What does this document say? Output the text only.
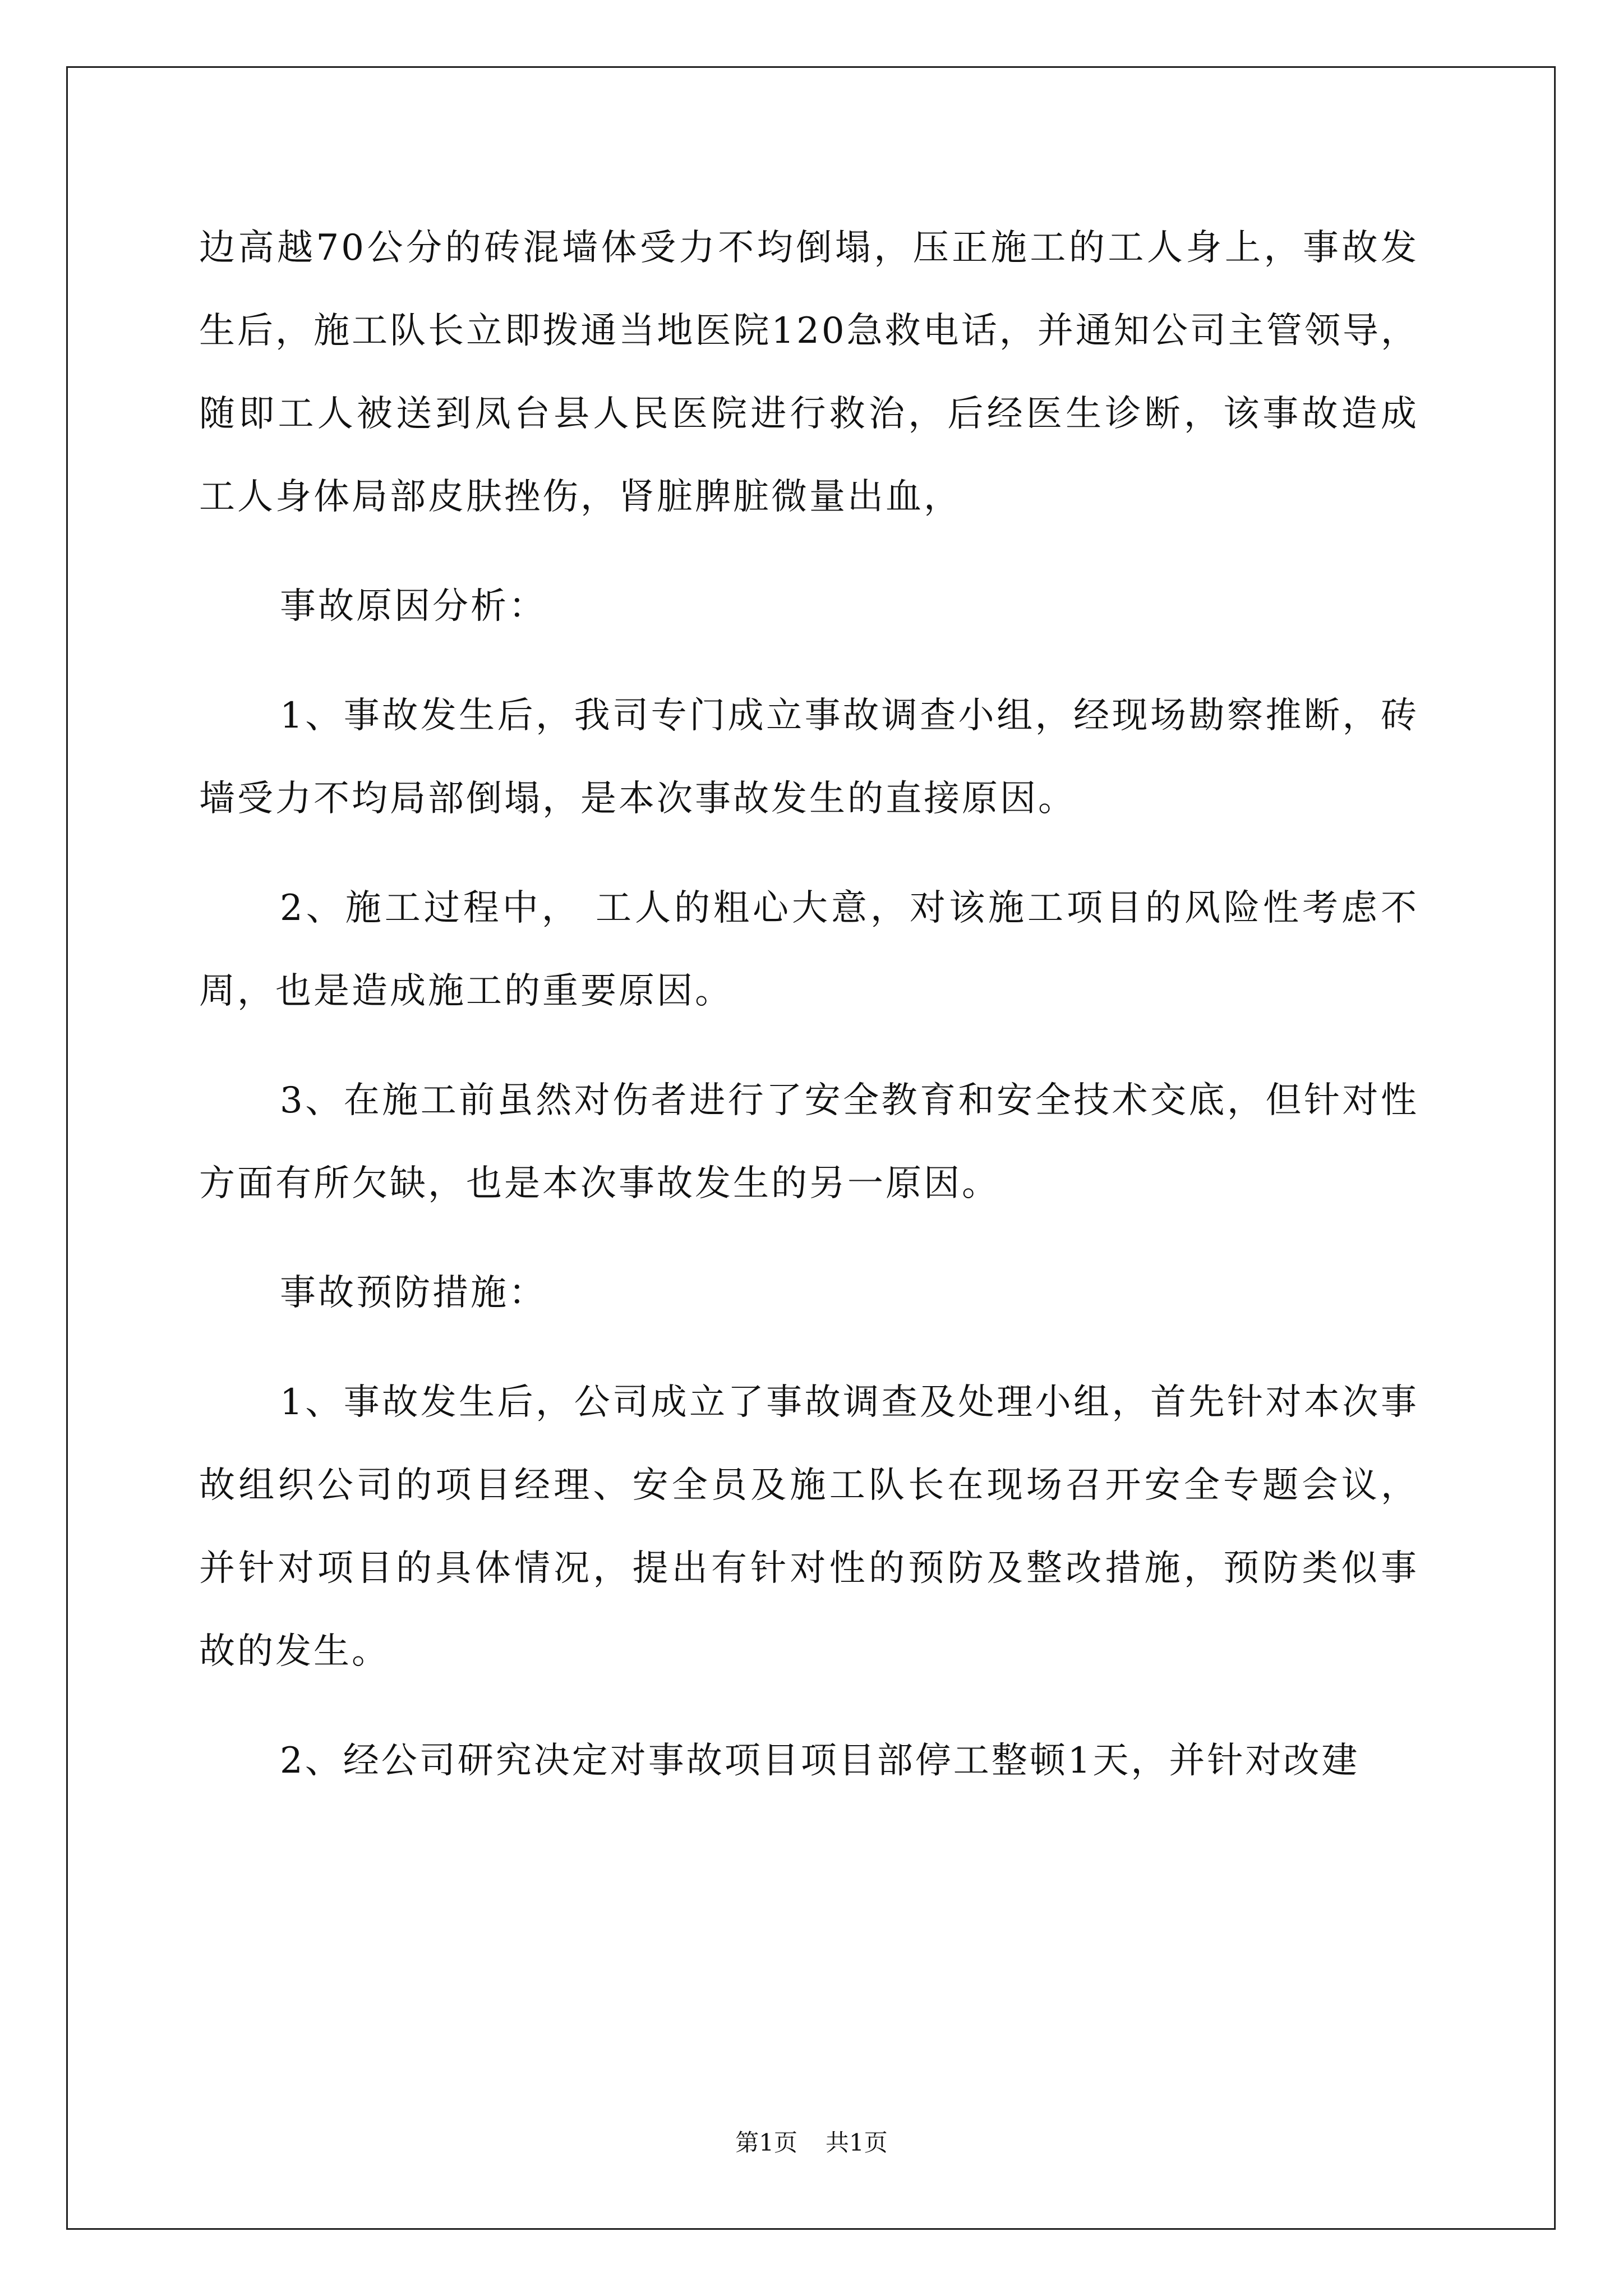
边高越70公分的砖混墙体受力不均倒塌，压正施工的工人身上，事故发生后，施工队长立即拨通当地医院120急救电话，并通知公司主管领导，随即工人被送到凤台县人民医院进行救治，后经医生诊断，该事故造成工人身体局部皮肤挫伤，肾脏脾脏微量出血，

事故原因分析：

1、事故发生后，我司专门成立事故调查小组，经现场勘察推断，砖墙受力不均局部倒塌，是本次事故发生的直接原因。

2、施工过程中， 工人的粗心大意，对该施工项目的风险性考虑不周，也是造成施工的重要原因。

3、在施工前虽然对伤者进行了安全教育和安全技术交底，但针对性方面有所欠缺，也是本次事故发生的另一原因。

事故预防措施：

1、事故发生后，公司成立了事故调查及处理小组，首先针对本次事故组织公司的项目经理、安全员及施工队长在现场召开安全专题会议，并针对项目的具体情况，提出有针对性的预防及整改措施，预防类似事故的发生。

2、经公司研究决定对事故项目项目部停工整顿1天，并针对改建

第1页 共1页
